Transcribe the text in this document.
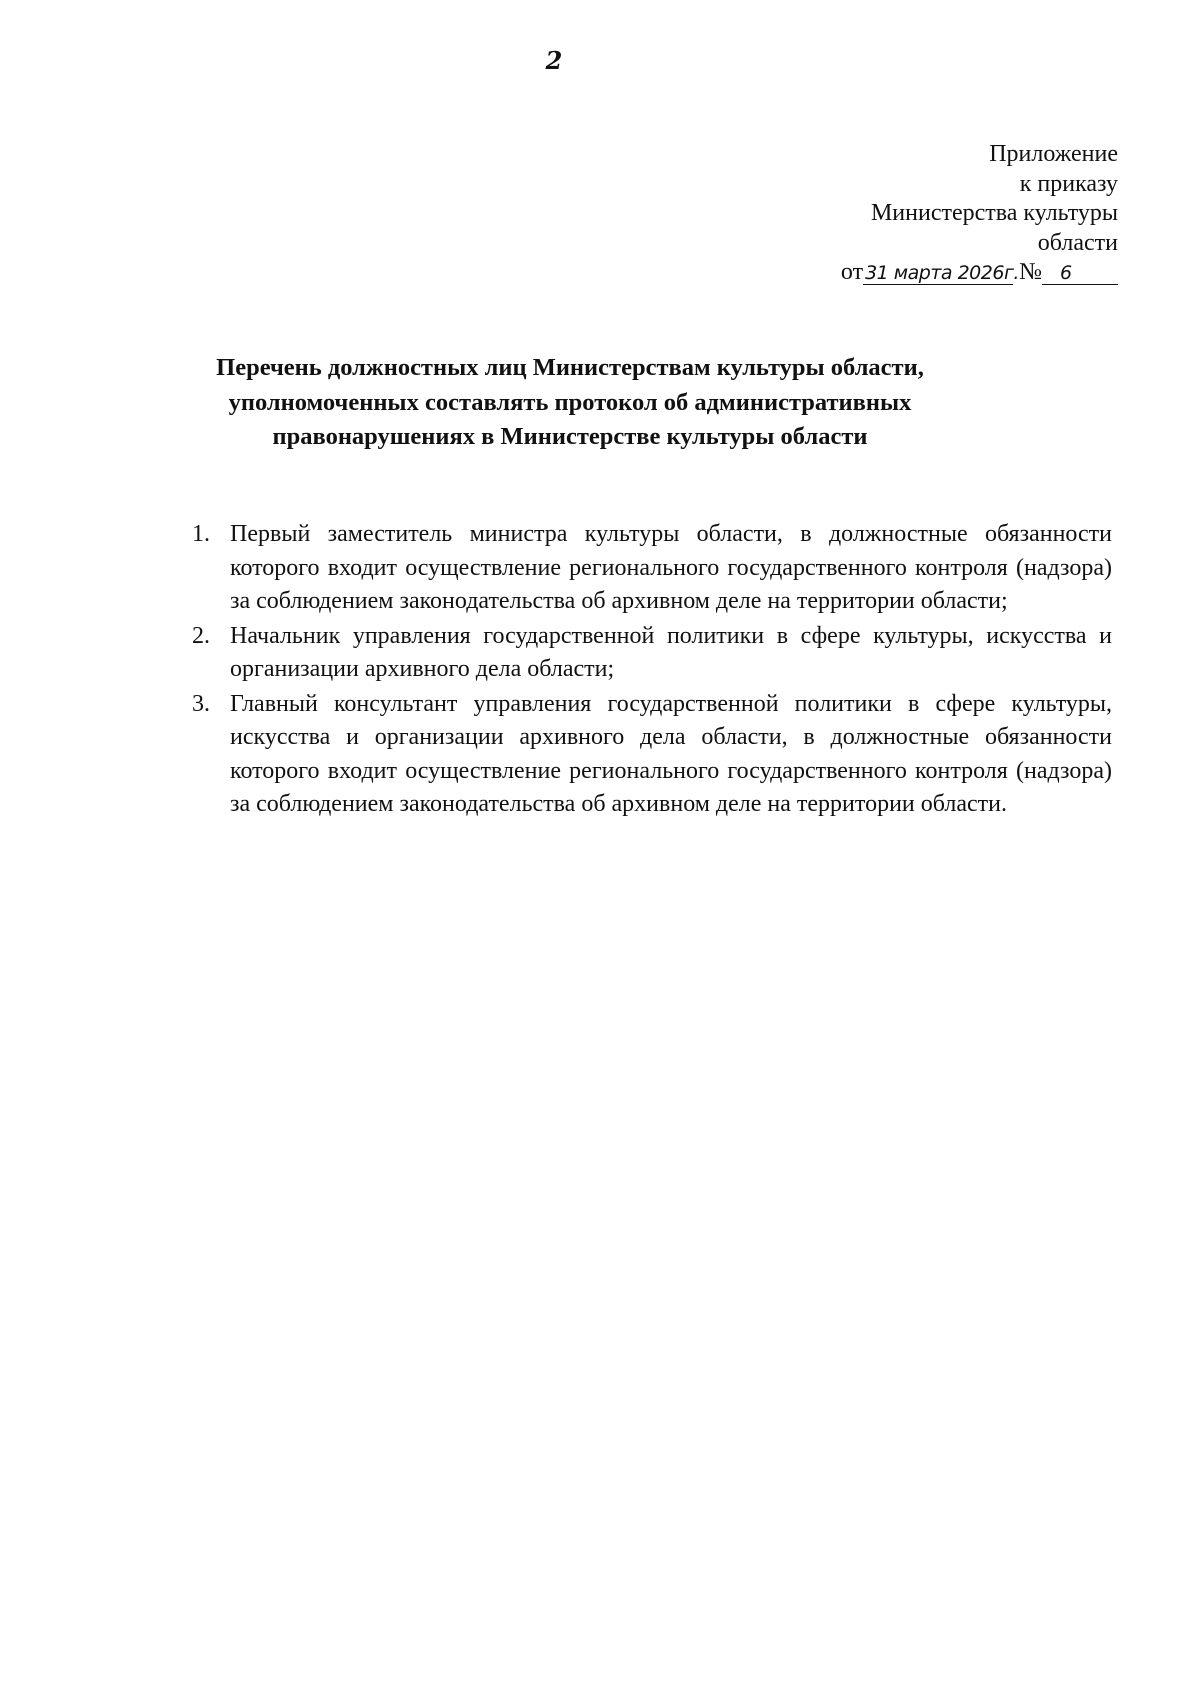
2
Приложение
к приказу
Министерства культуры
области
от 31 марта 2026г. № 6
Перечень должностных лиц Министерствам культуры области,
уполномоченных составлять протокол об административных
правонарушениях в Министерстве культуры области
1. Первый заместитель министра культуры области, в должностные обязанности которого входит осуществление регионального государственного контроля (надзора) за соблюдением законодательства об архивном деле на территории области;
2. Начальник управления государственной политики в сфере культуры, искусства и организации архивного дела области;
3. Главный консультант управления государственной политики в сфере культуры, искусства и организации архивного дела области, в должностные обязанности которого входит осуществление регионального государственного контроля (надзора) за соблюдением законодательства об архивном деле на территории области.
